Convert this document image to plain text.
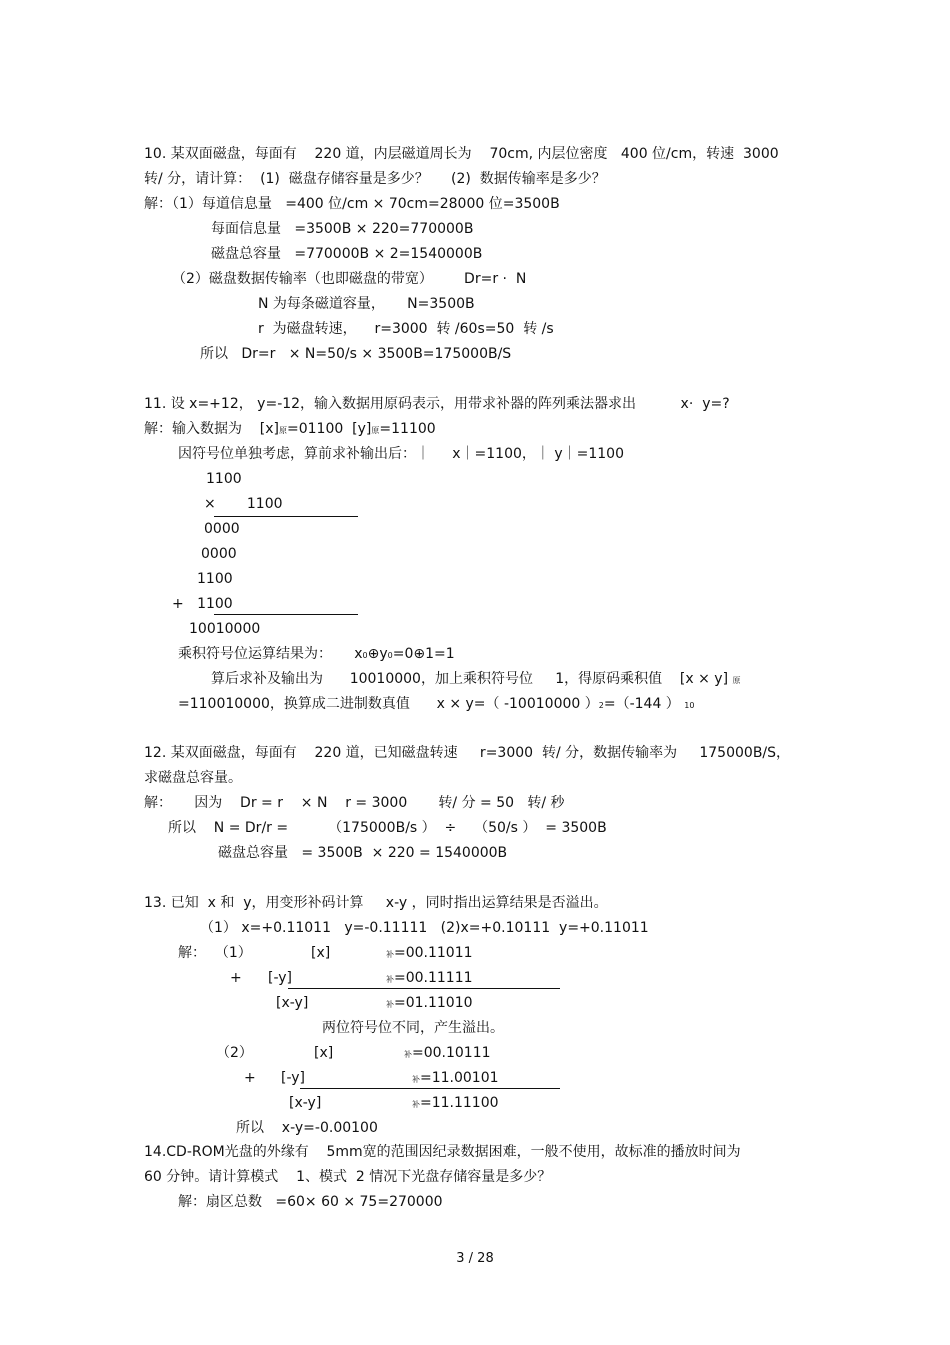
10. 某双面磁盘，每面有    220 道，内层磁道周长为    70cm, 内层位密度   400 位/cm，转速  3000
转/ 分，请计算：  (1)  磁盘存储容量是多少？     (2)  数据传输率是多少？
解：（1）每道信息量   =400 位/cm × 70cm=28000 位=3500B
每面信息量   =3500B × 220=770000B
磁盘总容量   =770000B × 2=1540000B
（2）磁盘数据传输率（也即磁盘的带宽）       Dr=r ·  N
N 为每条磁道容量，     N=3500B
r  为磁盘转速，    r=3000  转 /60s=50  转 /s
所以   Dr=r   × N=50/s × 3500B=175000B/S
11. 设 x=+12， y=-12，输入数据用原码表示，用带求补器的阵列乘法器求出          x·  y=?
解：输入数据为    [x]原=01100  [y]原=11100
因符号位单独考虑，算前求补输出后：｜     x｜=1100，｜ y｜=1100
1100
×       1100
0000
0000
1100
+   1100
10010000
乘积符号位运算结果为：     x0⊕y0=0⊕1=1
算后求补及输出为      10010000，加上乘积符号位     1，得原码乘积值    [x × y] 原
=110010000，换算成二进制数真值      x × y=（ -10010000 ）2=（-144 ） 10
12. 某双面磁盘，每面有    220 道，已知磁盘转速     r=3000  转/ 分，数据传输率为     175000B/S，
求磁盘总容量。
解：     因为    Dr = r    × N    r = 3000       转/ 分 = 50   转/ 秒
所以    N = Dr/r =         （175000B/s ）  ÷    （50/s ）  = 3500B
磁盘总容量   = 3500B  × 220 = 1540000B
13. 已知  x 和  y，用变形补码计算     x-y ，同时指出运算结果是否溢出。
（1） x=+0.11011   y=-0.11111   (2)x=+0.10111  y=+0.11011
解：  （1）	[x]	补=00.11011
+ [-y]	补=00.11111
[x-y]	补=01.11010
两位符号位不同，产生溢出。
（2）	[x]	补=00.10111
+ [-y]	补=11.00101
[x-y]	补=11.11100
所以    x-y=-0.00100
14.CD-ROM光盘的外缘有    5mm宽的范围因纪录数据困难，一般不使用，故标准的播放时间为
60 分钟。请计算模式    1、模式  2 情况下光盘存储容量是多少？
解：扇区总数   =60× 60 × 75=270000
3 / 28
